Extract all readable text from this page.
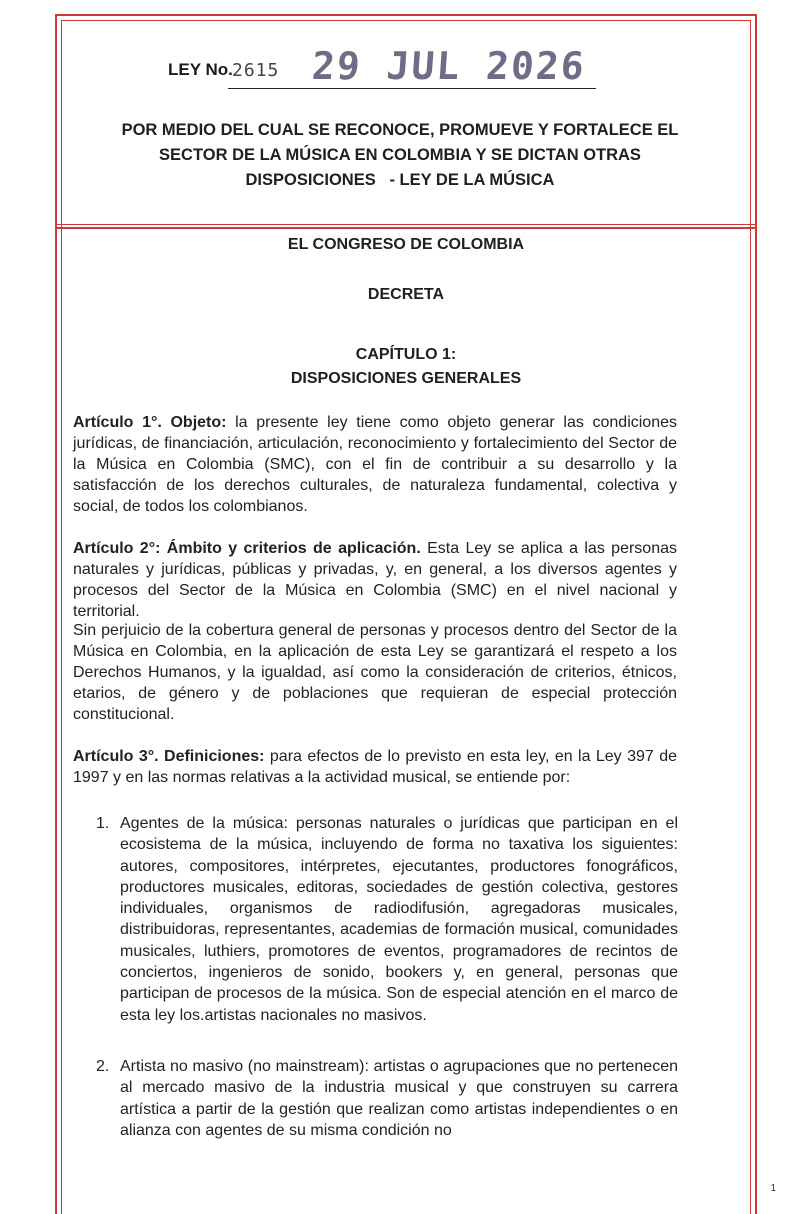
LEY No. 2615 29 JUL 2026
POR MEDIO DEL CUAL SE RECONOCE, PROMUEVE Y FORTALECE EL
SECTOR DE LA MÚSICA EN COLOMBIA Y SE DICTAN OTRAS
DISPOSICIONES   - LEY DE LA MÚSICA
EL CONGRESO DE COLOMBIA
DECRETA
CAPÍTULO 1:
DISPOSICIONES GENERALES
Artículo 1°. Objeto: la presente ley tiene como objeto generar las condiciones jurídicas, de financiación, articulación, reconocimiento y fortalecimiento del Sector de la Música en Colombia (SMC), con el fin de contribuir a su desarrollo y la satisfacción de los derechos culturales, de naturaleza fundamental, colectiva y social, de todos los colombianos.
Artículo 2°: Ámbito y criterios de aplicación. Esta Ley se aplica a las personas naturales y jurídicas, públicas y privadas, y, en general, a los diversos agentes y procesos del Sector de la Música en Colombia (SMC) en el nivel nacional y territorial.
Sin perjuicio de la cobertura general de personas y procesos dentro del Sector de la Música en Colombia, en la aplicación de esta Ley se garantizará el respeto a los Derechos Humanos, y la igualdad, así como la consideración de criterios, étnicos, etarios, de género y de poblaciones que requieran de especial protección constitucional.
Artículo 3°. Definiciones: para efectos de lo previsto en esta ley, en la Ley 397 de 1997 y en las normas relativas a la actividad musical, se entiende por:
1. Agentes de la música: personas naturales o jurídicas que participan en el ecosistema de la música, incluyendo de forma no taxativa los siguientes: autores, compositores, intérpretes, ejecutantes, productores fonográficos, productores musicales, editoras, sociedades de gestión colectiva, gestores individuales, organismos de radiodifusión, agregadoras musicales, distribuidoras, representantes, academias de formación musical, comunidades musicales, luthiers, promotores de eventos, programadores de recintos de conciertos, ingenieros de sonido, bookers y, en general, personas que participan de procesos de la música. Son de especial atención en el marco de esta ley los.artistas nacionales no masivos.
2. Artista no masivo (no mainstream): artistas o agrupaciones que no pertenecen al mercado masivo de la industria musical y que construyen su carrera artística a partir de la gestión que realizan como artistas independientes o en alianza con agentes de su misma condición no
1
